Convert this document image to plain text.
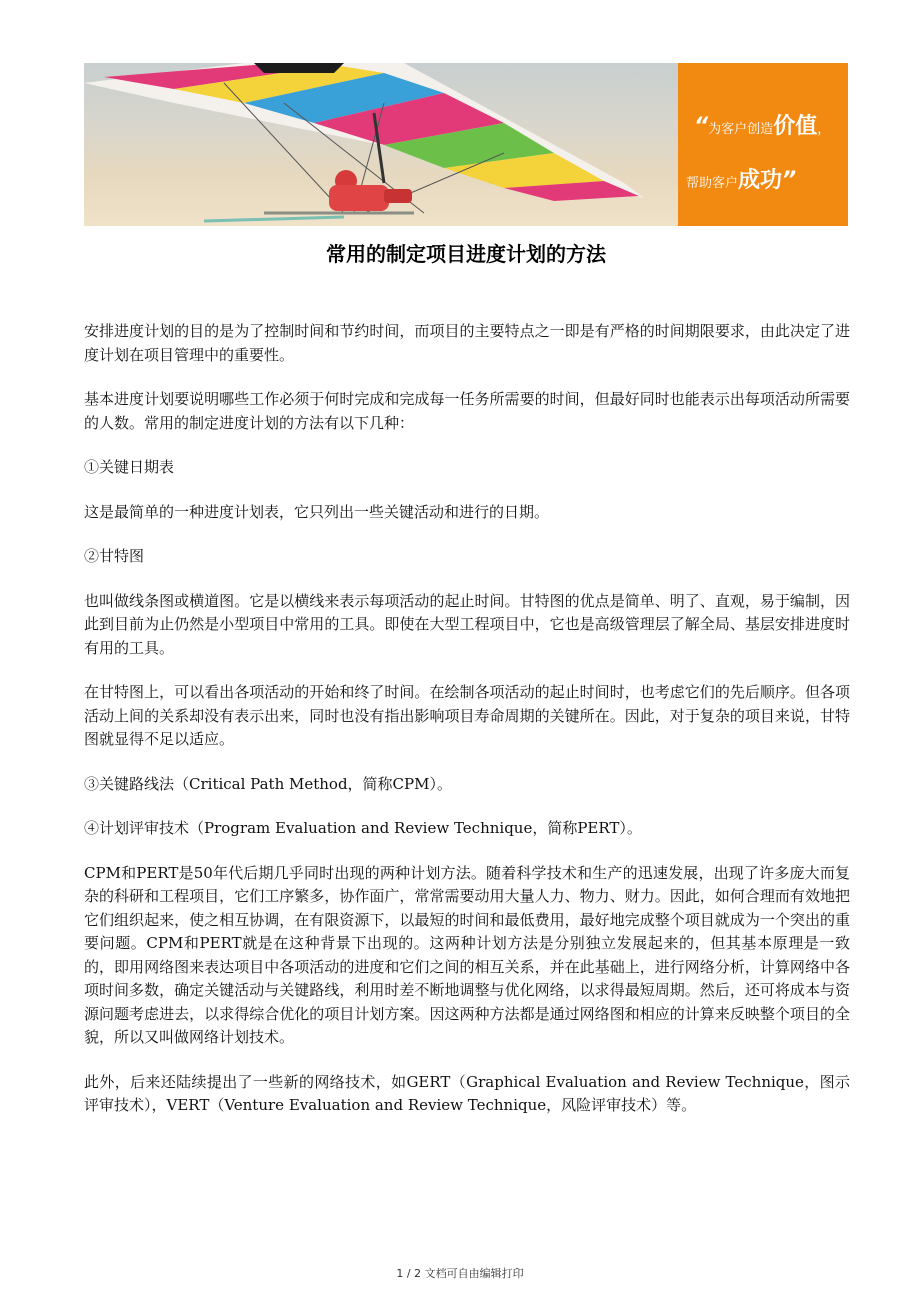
“为客户创造价值，
帮助客户成功”
常用的制定项目进度计划的方法

安排进度计划的目的是为了控制时间和节约时间，而项目的主要特点之一即是有严格的时间期限要求，由此决定了进度计划在项目管理中的重要性。

基本进度计划要说明哪些工作必须于何时完成和完成每一任务所需要的时间，但最好同时也能表示出每项活动所需要的人数。常用的制定进度计划的方法有以下几种：

①关键日期表

这是最简单的一种进度计划表，它只列出一些关键活动和进行的日期。

②甘特图

也叫做线条图或横道图。它是以横线来表示每项活动的起止时间。甘特图的优点是简单、明了、直观，易于编制，因此到目前为止仍然是小型项目中常用的工具。即使在大型工程项目中，它也是高级管理层了解全局、基层安排进度时有用的工具。

在甘特图上，可以看出各项活动的开始和终了时间。在绘制各项活动的起止时间时，也考虑它们的先后顺序。但各项活动上间的关系却没有表示出来，同时也没有指出影响项目寿命周期的关键所在。因此，对于复杂的项目来说，甘特图就显得不足以适应。

③关键路线法（Critical Path Method，简称CPM）。

④计划评审技术（Program Evaluation and Review Technique，简称PERT）。

CPM和PERT是50年代后期几乎同时出现的两种计划方法。随着科学技术和生产的迅速发展，出现了许多庞大而复杂的科研和工程项目，它们工序繁多，协作面广，常常需要动用大量人力、物力、财力。因此，如何合理而有效地把它们组织起来，使之相互协调，在有限资源下，以最短的时间和最低费用，最好地完成整个项目就成为一个突出的重要问题。CPM和PERT就是在这种背景下出现的。这两种计划方法是分别独立发展起来的，但其基本原理是一致的，即用网络图来表达项目中各项活动的进度和它们之间的相互关系，并在此基础上，进行网络分析，计算网络中各项时间多数，确定关键活动与关键路线，利用时差不断地调整与优化网络，以求得最短周期。然后，还可将成本与资源问题考虑进去，以求得综合优化的项目计划方案。因这两种方法都是通过网络图和相应的计算来反映整个项目的全貌，所以又叫做网络计划技术。

此外，后来还陆续提出了一些新的网络技术，如GERT（Graphical Evaluation and Review Technique，图示评审技术），VERT（Venture Evaluation and Review Technique，风险评审技术）等。

1 / 2 文档可自由编辑打印
